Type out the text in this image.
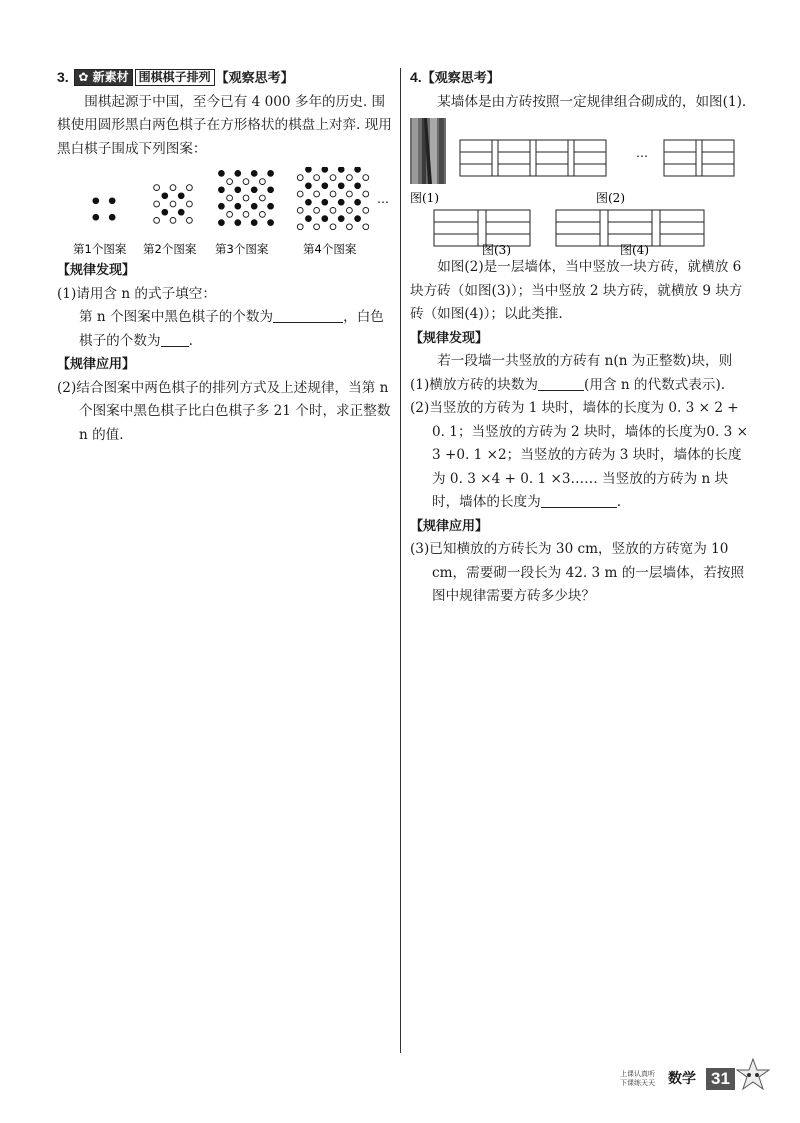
3. ✿ 新素材 围棋棋子排列 【观察思考】

围棋起源于中国，至今已有 4 000 多年的历史. 围棋使用圆形黑白两色棋子在方形格状的棋盘上对弈. 现用黑白棋子围成下列图案：

…
第1个图案 第2个图案 第3个图案	第4个图案

【规律发现】

(1)请用含 n 的式子填空：

第 n 个图案中黑色棋子的个数为	，白色

棋子的个数为 .

【规律应用】

(2)结合图案中两色棋子的排列方式及上述规律，当第 n 个图案中黑色棋子比白色棋子多 21 个时，求正整数 n 的值.

4.【观察思考】

某墙体是由方砖按照一定规律组合砌成的，如图(1).

…
图(1)	图(2)
图(3)	图(4)

如图(2)是一层墙体，当中竖放一块方砖，就横放 6 块方砖（如图(3)）；当中竖放 2 块方砖，就横放 9 块方砖（如图(4)）；以此类推.

【规律发现】

若一段墙一共竖放的方砖有 n(n 为正整数)块，则

(1)横放方砖的块数为	(用含 n 的代数式表示).

(2)当竖放的方砖为 1 块时，墙体的长度为 0. 3 × 2 + 0. 1；当竖放的方砖为 2 块时，墙体的长度为0. 3 × 3 +0. 1 ×2；当竖放的方砖为 3 块时，墙体的长度为 0. 3 ×4 + 0. 1 ×3…… 当竖放的方砖为 n 块时，墙体的长度为	.

【规律应用】

(3)已知横放的方砖长为 30 cm，竖放的方砖宽为 10 cm，需要砌一段长为 42. 3 m 的一层墙体，若按照图中规律需要方砖多少块？

上课认真听
下课练天天 数学 31
